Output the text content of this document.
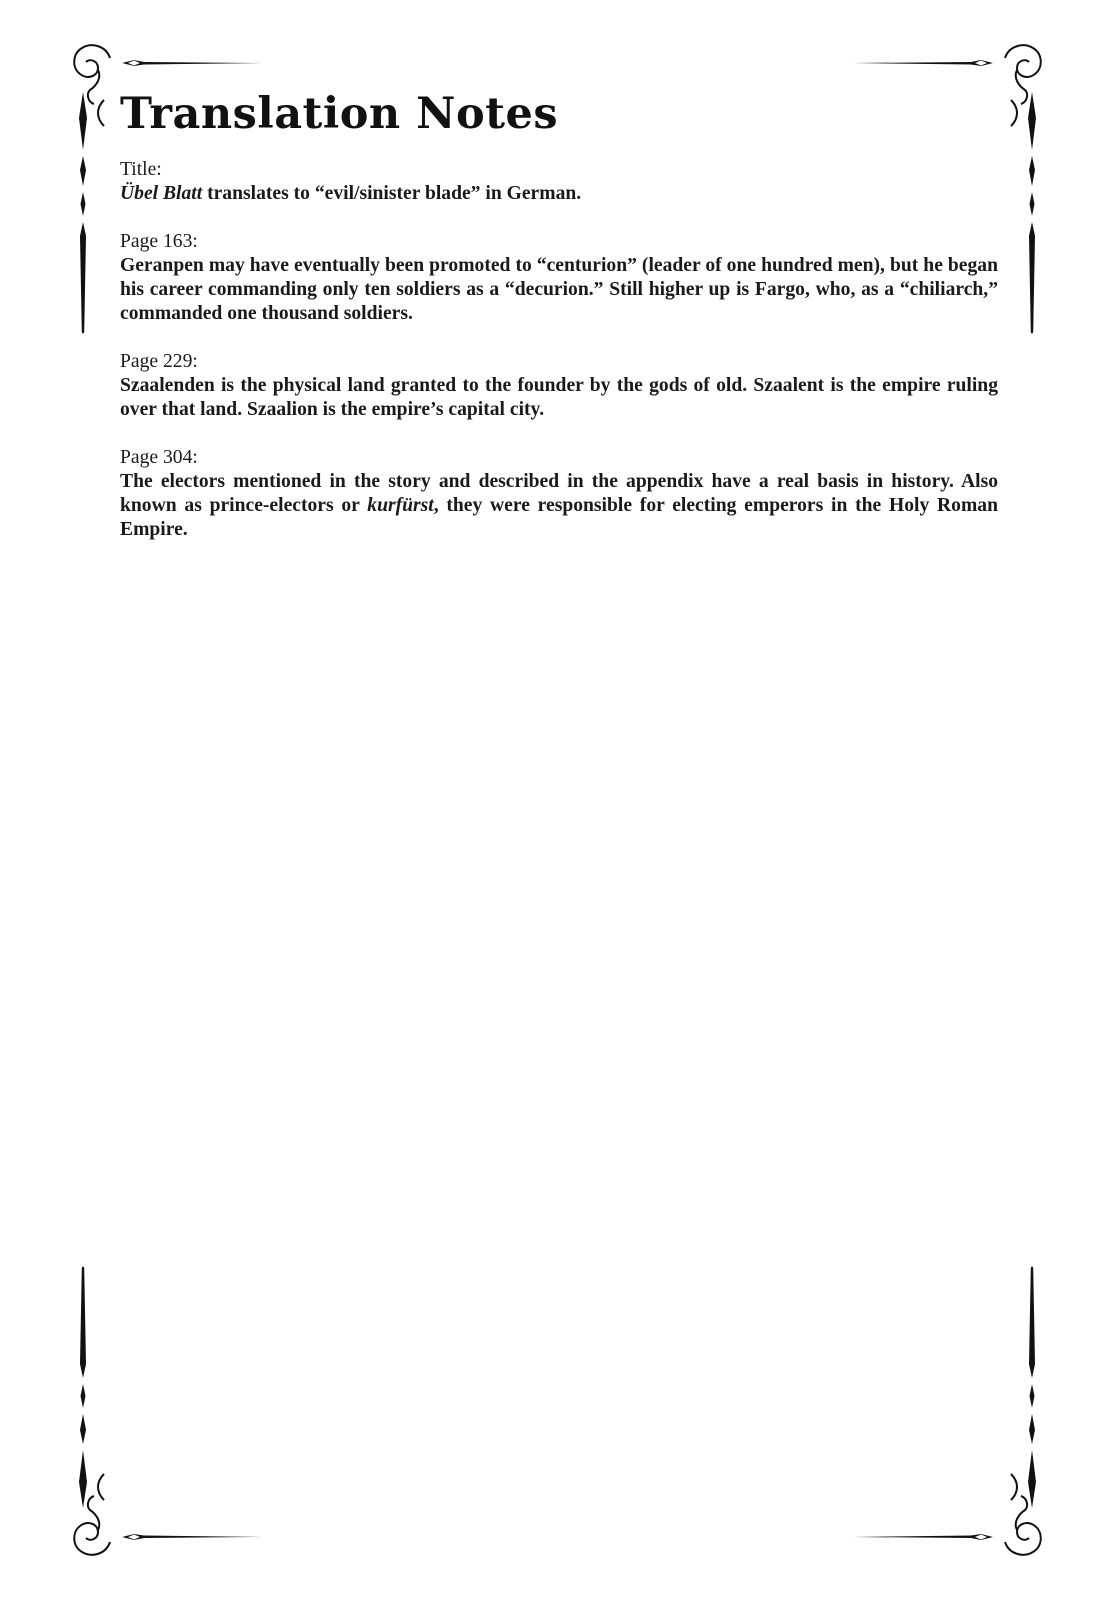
Translation Notes
Title:
Übel Blatt translates to “evil/sinister blade” in German.
Page 163:
Geranpen may have eventually been promoted to “centurion” (leader of one hundred men), but he began his career commanding only ten soldiers as a “decurion.” Still higher up is Fargo, who, as a “chiliarch,” commanded one thousand soldiers.
Page 229:
Szaalenden is the physical land granted to the founder by the gods of old. Szaalent is the empire ruling over that land. Szaalion is the empire’s capital city.
Page 304:
The electors mentioned in the story and described in the appendix have a real basis in history. Also known as prince-electors or kurfürst, they were responsible for electing emperors in the Holy Roman Empire.
